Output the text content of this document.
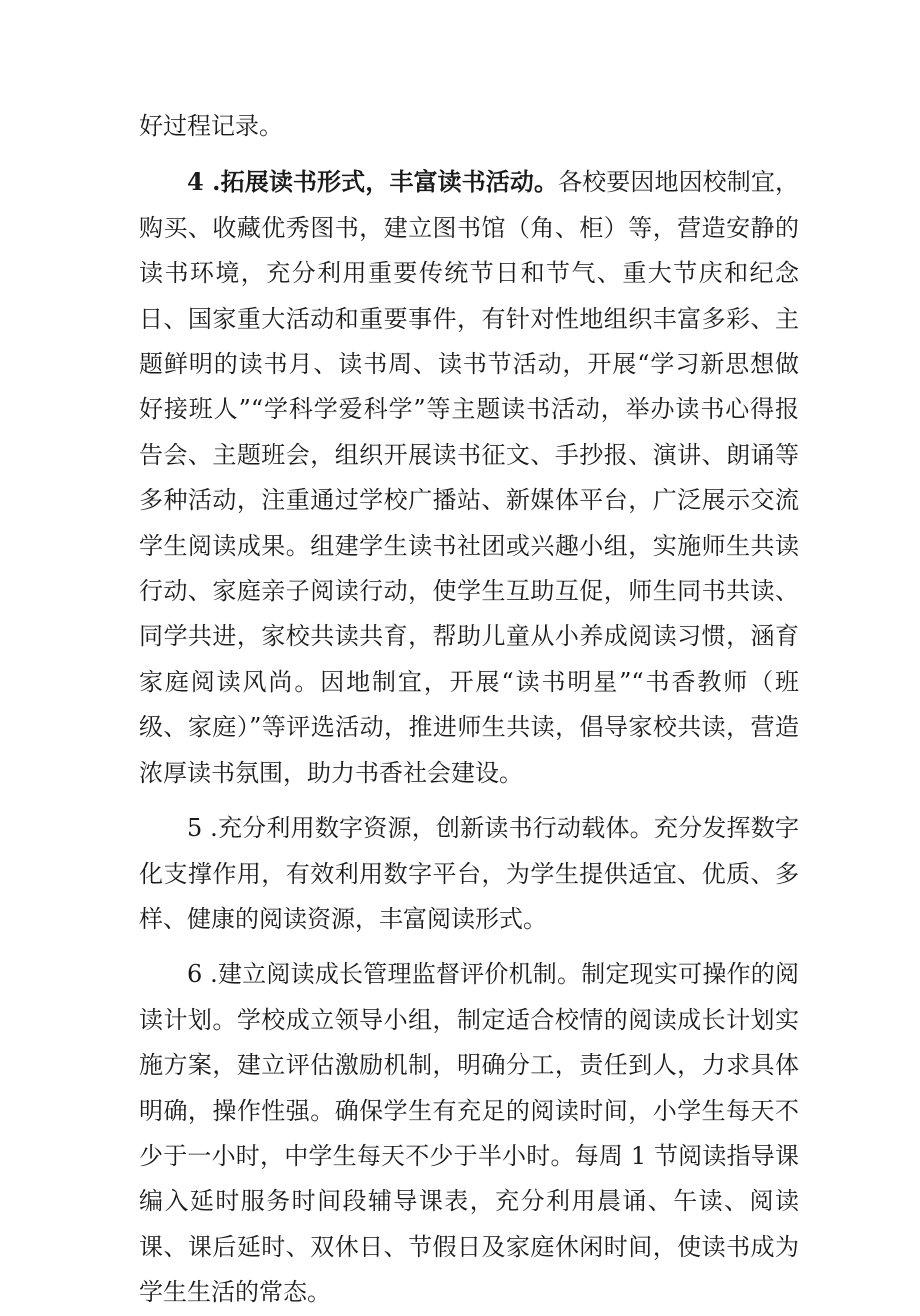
好过程记录。

4 .拓展读书形式，丰富读书活动。各校要因地因校制宜，购买、收藏优秀图书，建立图书馆（角、柜）等，营造安静的读书环境，充分利用重要传统节日和节气、重大节庆和纪念日、国家重大活动和重要事件，有针对性地组织丰富多彩、主题鲜明的读书月、读书周、读书节活动，开展“学习新思想做好接班人”“学科学爱科学”等主题读书活动，举办读书心得报告会、主题班会，组织开展读书征文、手抄报、演讲、朗诵等多种活动，注重通过学校广播站、新媒体平台，广泛展示交流学生阅读成果。组建学生读书社团或兴趣小组，实施师生共读行动、家庭亲子阅读行动，使学生互助互促，师生同书共读、同学共进，家校共读共育，帮助儿童从小养成阅读习惯，涵育家庭阅读风尚。因地制宜，开展“读书明星”“书香教师（班级、家庭）”等评选活动，推进师生共读，倡导家校共读，营造浓厚读书氛围，助力书香社会建设。

5 .充分利用数字资源，创新读书行动载体。充分发挥数字化支撑作用，有效利用数字平台，为学生提供适宜、优质、多样、健康的阅读资源，丰富阅读形式。

6 .建立阅读成长管理监督评价机制。制定现实可操作的阅读计划。学校成立领导小组，制定适合校情的阅读成长计划实施方案，建立评估激励机制，明确分工，责任到人，力求具体明确，操作性强。确保学生有充足的阅读时间，小学生每天不少于一小时，中学生每天不少于半小时。每周 1 节阅读指导课编入延时服务时间段辅导课表，充分利用晨诵、午读、阅读课、课后延时、双休日、节假日及家庭休闲时间，使读书成为学生生活的常态。
